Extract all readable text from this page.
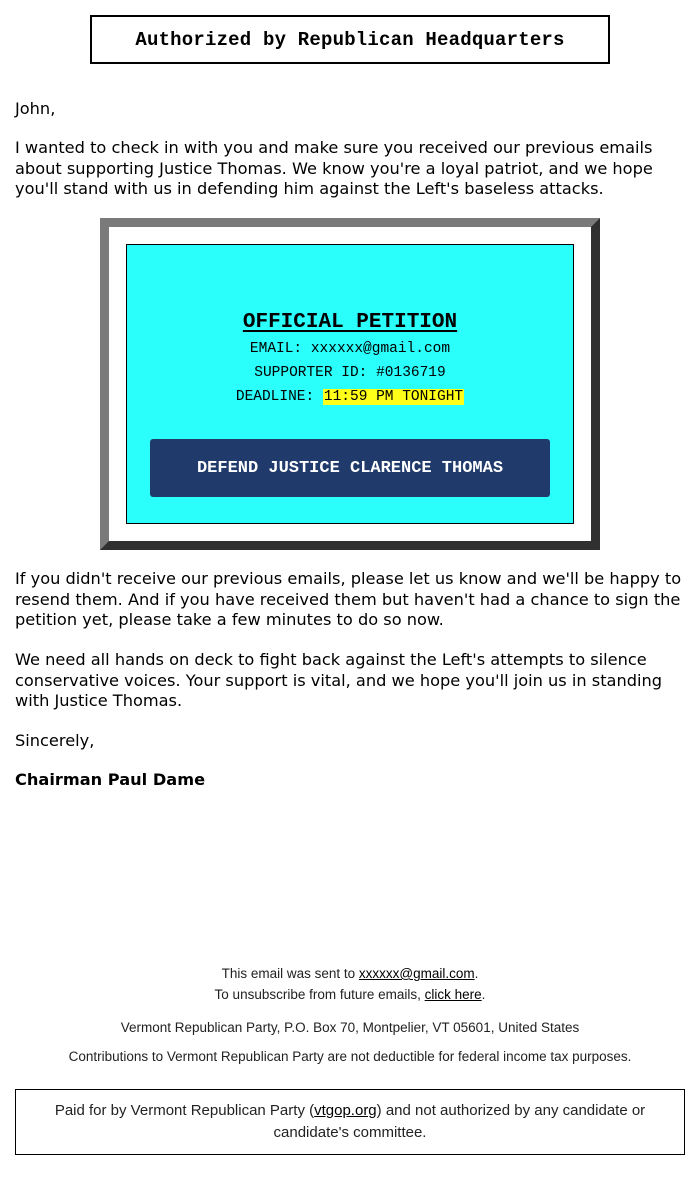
Authorized by Republican Headquarters
John,
I wanted to check in with you and make sure you received our previous emails about supporting Justice Thomas. We know you're a loyal patriot, and we hope you'll stand with us in defending him against the Left's baseless attacks.
OFFICIAL PETITION
EMAIL: xxxxxx@gmail.com
SUPPORTER ID: #0136719
DEADLINE: 11:59 PM TONIGHT
DEFEND JUSTICE CLARENCE THOMAS
If you didn't receive our previous emails, please let us know and we'll be happy to resend them. And if you have received them but haven't had a chance to sign the petition yet, please take a few minutes to do so now.
We need all hands on deck to fight back against the Left's attempts to silence conservative voices. Your support is vital, and we hope you'll join us in standing with Justice Thomas.
Sincerely,
Chairman Paul Dame
This email was sent to xxxxxx@gmail.com.
To unsubscribe from future emails, click here.
Vermont Republican Party, P.O. Box 70, Montpelier, VT 05601, United States
Contributions to Vermont Republican Party are not deductible for federal income tax purposes.
Paid for by Vermont Republican Party (vtgop.org) and not authorized by any candidate or candidate's committee.
